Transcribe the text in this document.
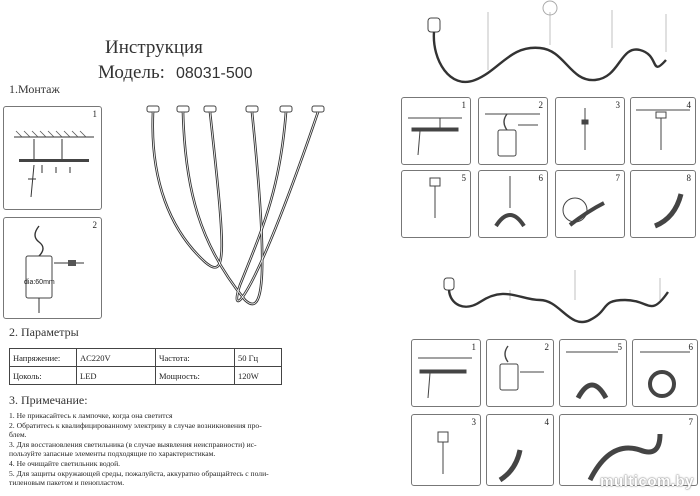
Инструкция
Модель: 08031-500
1.Монтаж
1
2
dia:60mm
2. Параметры
Напряжение:	AC220V	Частота:	50 Гц
Цоколь:	LED	Мощность:	120W
3. Примечание:

1. Не прикасайтесь к лампочке, когда она светится

2. Обратитесь к квалифицированному электрику в случае возникновения про-

блем.

3. Для восстановления светильника (в случае выявления неисправности) ис-

пользуйте запасные элементы подходящие по характеристикам.

4. Не очищайте светильник водой.

5. Для защиты окружающей среды, пожалуйста, аккуратно обращайтесь с поли-

тиленовым пакетом и пенопластом.

1	2	3	4
5	6	7	8
1	2	5	6
3	4	7
multicom.by
